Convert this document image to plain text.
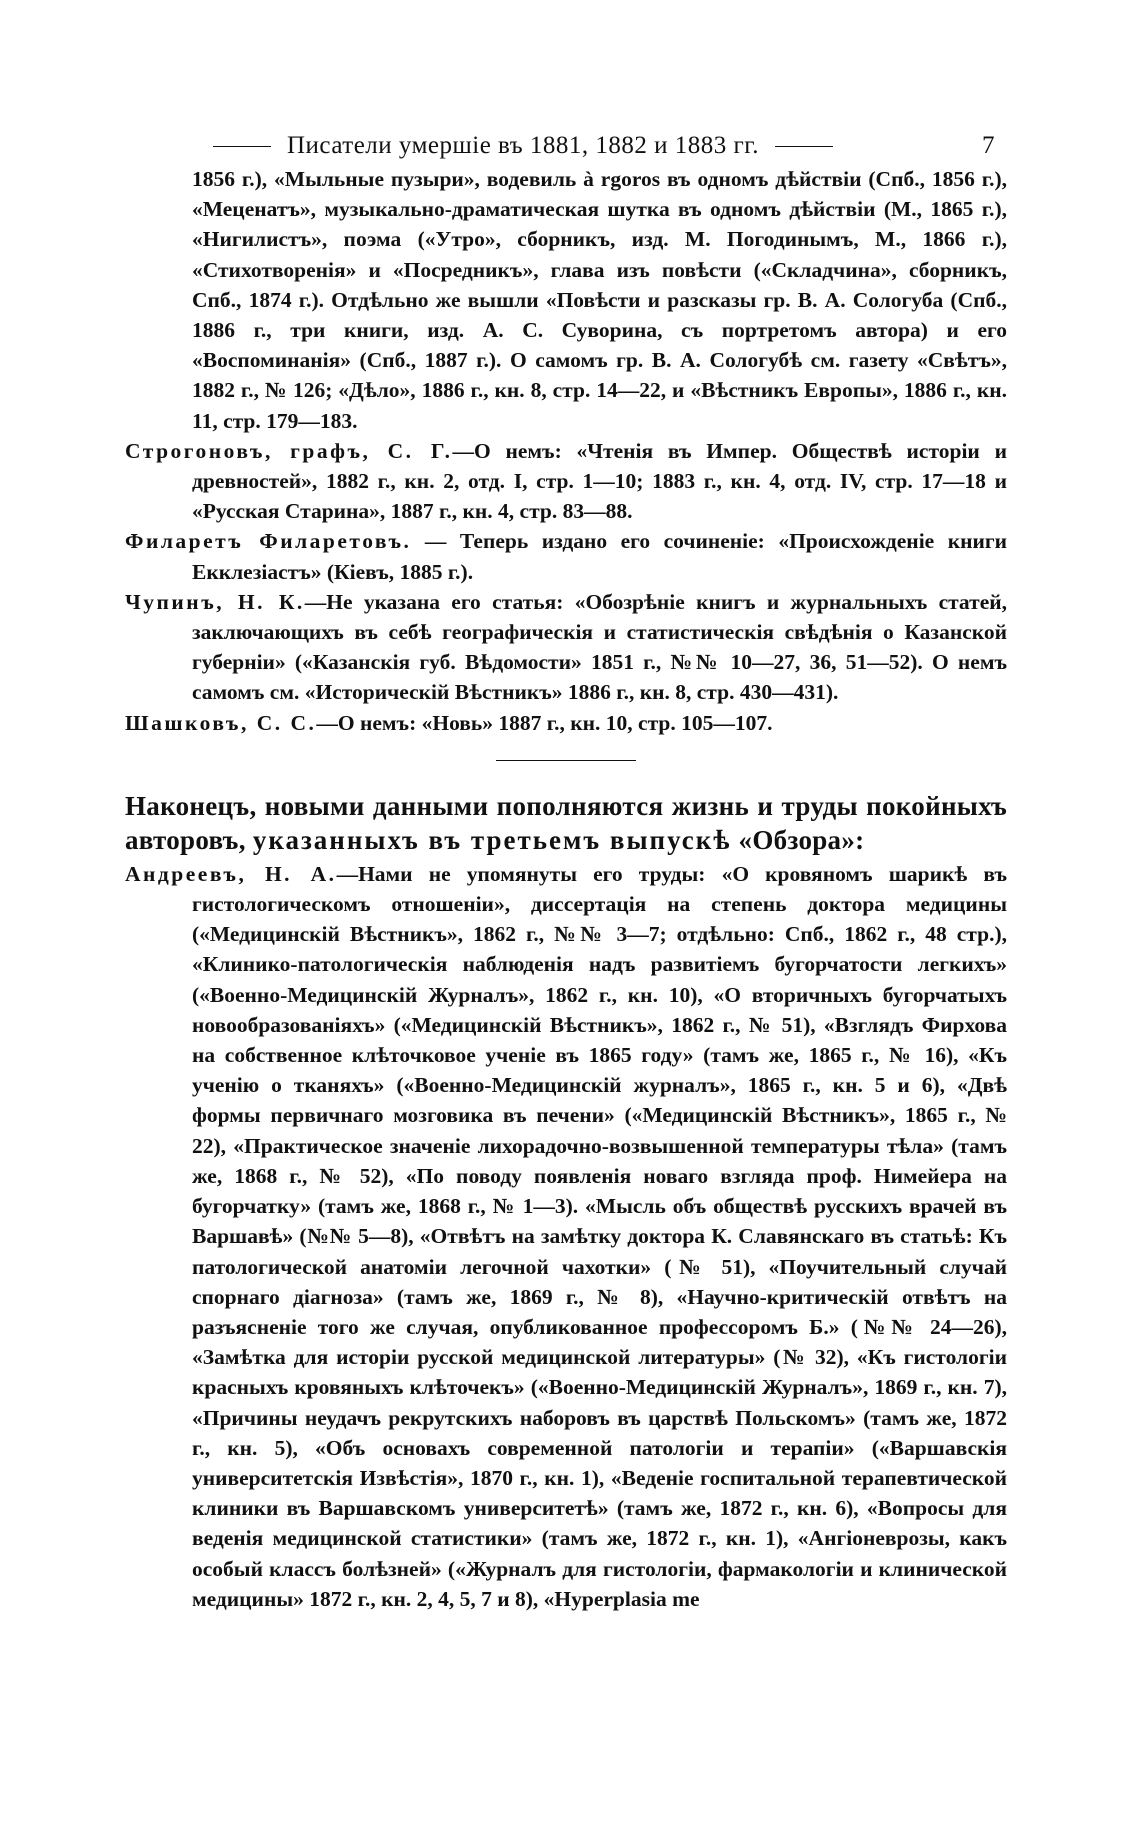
Писатели умершіе въ 1881, 1882 и 1883 гг.	7

1856 г.), «Мыльные пузыри», водевиль à rgoros въ одномъ дѣйствіи (Спб., 1856 г.), «Меценатъ», музыкально-драматическая шутка въ одномъ дѣйствіи (М., 1865 г.), «Нигилистъ», поэма («Утро», сборникъ, изд. М. Погодинымъ, М., 1866 г.), «Стихотворенія» и «Посредникъ», глава изъ повѣсти («Складчина», сборникъ, Спб., 1874 г.). Отдѣльно же вышли «Повѣсти и разсказы гр. В. А. Сологуба (Спб., 1886 г., три книги, изд. А. С. Суворина, съ портретомъ автора) и его «Воспоминанія» (Спб., 1887 г.). О самомъ гр. В. А. Сологубѣ см. газету «Свѣтъ», 1882 г., № 126; «Дѣло», 1886 г., кн. 8, стр. 14—22, и «Вѣстникъ Европы», 1886 г., кн. 11, стр. 179—183.

Строгоновъ, графъ, С. Г.—О немъ: «Чтенія въ Импер. Обществѣ исторіи и древностей», 1882 г., кн. 2, отд. I, стр. 1—10; 1883 г., кн. 4, отд. IV, стр. 17—18 и «Русская Старина», 1887 г., кн. 4, стр. 83—88.

Филаретъ Филаретовъ. — Теперь издано его сочиненіе: «Происхожденіе книги Екклезіастъ» (Кіевъ, 1885 г.).

Чупинъ, Н. К.—Не указана его статья: «Обозрѣніе книгъ и журнальныхъ статей, заключающихъ въ себѣ географическія и статистическія свѣдѣнія о Казанской губерніи» («Казанскія губ. Вѣдомости» 1851 г., №№ 10—27, 36, 51—52). О немъ самомъ см. «Историческій Вѣстникъ» 1886 г., кн. 8, стр. 430—431).

Шашковъ, С. С.—О немъ: «Новь» 1887 г., кн. 10, стр. 105—107.

Наконецъ, новыми данными пополняются жизнь и труды покойныхъ авторовъ, указанныхъ въ третьемъ выпускѣ «Обзора»:

Андреевъ, Н. А.—Нами не упомянуты его труды: «О кровяномъ шарикѣ въ гистологическомъ отношеніи», диссертація на степень доктора медицины («Медицинскій Вѣстникъ», 1862 г., №№ 3—7; отдѣльно: Спб., 1862 г., 48 стр.), «Клинико-патологическія наблюденія надъ развитіемъ бугорчатости легкихъ» («Военно-Медицинскій Журналъ», 1862 г., кн. 10), «О вторичныхъ бугорчатыхъ новообразованіяхъ» («Медицинскій Вѣстникъ», 1862 г., № 51), «Взглядъ Фирхова на собственное клѣточковое ученіе въ 1865 году» (тамъ же, 1865 г., № 16), «Къ ученію о тканяхъ» («Военно-Медицинскій журналъ», 1865 г., кн. 5 и 6), «Двѣ формы первичнаго мозговика въ печени» («Медицинскій Вѣстникъ», 1865 г., № 22), «Практическое значеніе лихорадочно-возвышенной температуры тѣла» (тамъ же, 1868 г., № 52), «По поводу появленія новаго взгляда проф. Нимейера на бугорчатку» (тамъ же, 1868 г., № 1—3). «Мысль объ обществѣ русскихъ врачей въ Варшавѣ» (№№ 5—8), «Отвѣтъ на замѣтку доктора К. Славянскаго въ статьѣ: Къ патологической анатоміи легочной чахотки» (№ 51), «Поучительный случай спорнаго діагноза» (тамъ же, 1869 г., № 8), «Научно-критическій отвѣтъ на разъясненіе того же случая, опубликованное профессоромъ Б.» (№№ 24—26), «Замѣтка для исторіи русской медицинской литературы» (№ 32), «Къ гистологіи красныхъ кровяныхъ клѣточекъ» («Военно-Медицинскій Журналъ», 1869 г., кн. 7), «Причины неудачъ рекрутскихъ наборовъ въ царствѣ Польскомъ» (тамъ же, 1872 г., кн. 5), «Объ основахъ современной патологіи и терапіи» («Варшавскія университетскія Извѣстія», 1870 г., кн. 1), «Веденіе госпитальной терапевтической клиники въ Варшавскомъ университетѣ» (тамъ же, 1872 г., кн. 6), «Вопросы для веденія медицинской статистики» (тамъ же, 1872 г., кн. 1), «Ангіоневрозы, какъ особый классъ болѣзней» («Журналъ для гистологіи, фармакологіи и клинической медицины» 1872 г., кн. 2, 4, 5, 7 и 8), «Hyperplasia me
